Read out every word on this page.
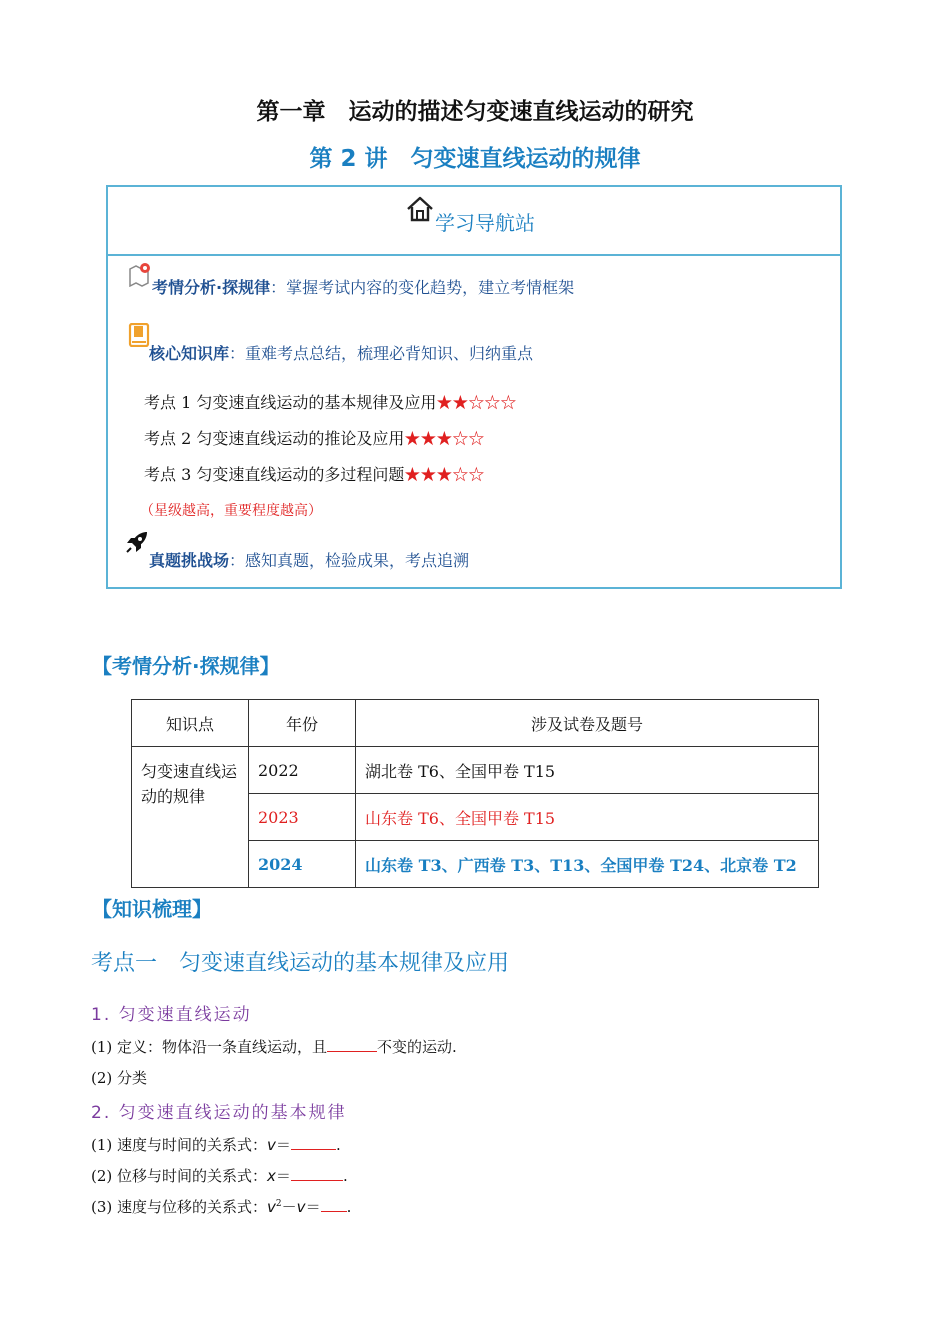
第一章　运动的描述匀变速直线运动的研究
第 2 讲　匀变速直线运动的规律
学习导航站
考情分析·探规律：掌握考试内容的变化趋势，建立考情框架
核心知识库：重难考点总结，梳理必背知识、归纳重点
考点 1 匀变速直线运动的基本规律及应用★★☆☆☆
考点 2 匀变速直线运动的推论及应用★★★☆☆
考点 3 匀变速直线运动的多过程问题★★★☆☆
（星级越高，重要程度越高）
真题挑战场：感知真题，检验成果，考点追溯
【考情分析·探规律】
知识点	年份	涉及试卷及题号
匀变速直线运动的规律	2022	湖北卷 T6、全国甲卷 T15
	2023	山东卷 T6、全国甲卷 T15
	2024	山东卷 T3、广西卷 T3、T13、全国甲卷 T24、北京卷 T2
【知识梳理】
考点一　匀变速直线运动的基本规律及应用
1. 匀变速直线运动
(1) 定义：物体沿一条直线运动，且	不变的运动.
(2) 分类
2. 匀变速直线运动的基本规律
(1) 速度与时间的关系式：v＝	.
(2) 位移与时间的关系式：x＝	.
(3) 速度与位移的关系式：$v^2-v=$ .
